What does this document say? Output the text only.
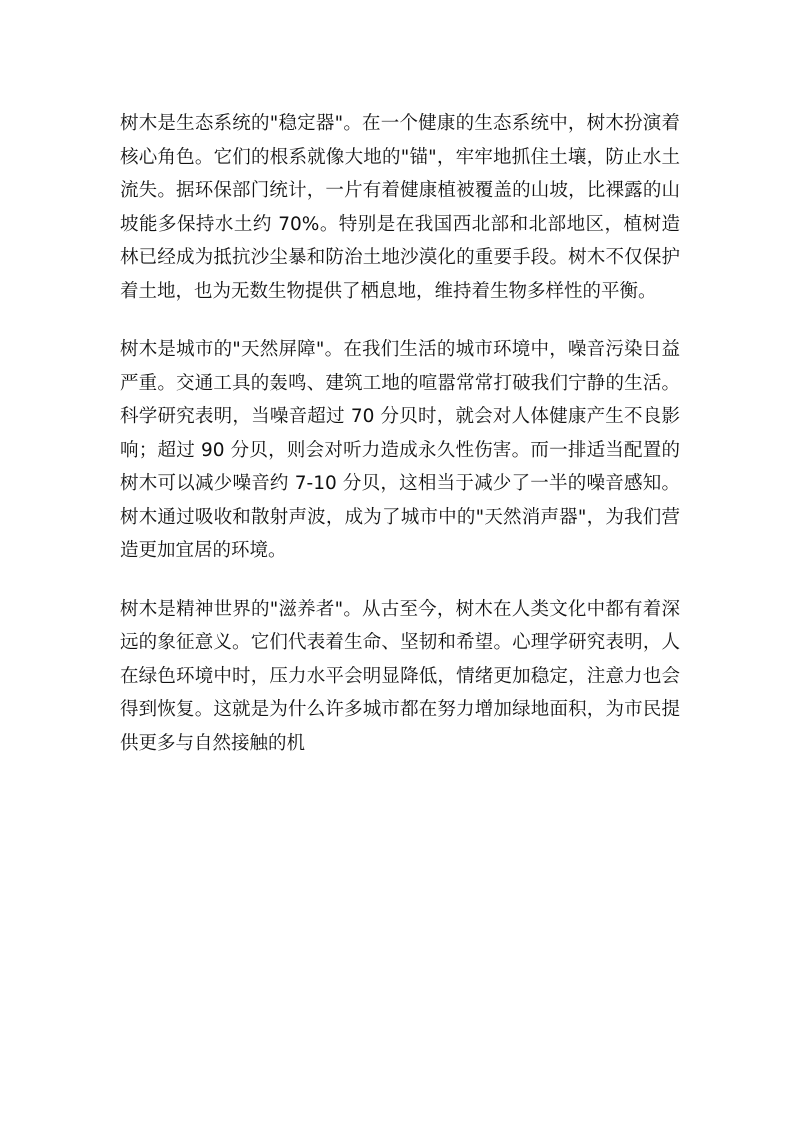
树木是生态系统的"稳定器"。在一个健康的生态系统中，树木扮演着核心角色。它们的根系就像大地的"锚"，牢牢地抓住土壤，防止水土流失。据环保部门统计，一片有着健康植被覆盖的山坡，比裸露的山坡能多保持水土约 70%。特别是在我国西北部和北部地区，植树造林已经成为抵抗沙尘暴和防治土地沙漠化的重要手段。树木不仅保护着土地，也为无数生物提供了栖息地，维持着生物多样性的平衡。

树木是城市的"天然屏障"。在我们生活的城市环境中，噪音污染日益严重。交通工具的轰鸣、建筑工地的喧嚣常常打破我们宁静的生活。科学研究表明，当噪音超过 70 分贝时，就会对人体健康产生不良影响；超过 90 分贝，则会对听力造成永久性伤害。而一排适当配置的树木可以减少噪音约 7-10 分贝，这相当于减少了一半的噪音感知。树木通过吸收和散射声波，成为了城市中的"天然消声器"，为我们营造更加宜居的环境。

树木是精神世界的"滋养者"。从古至今，树木在人类文化中都有着深远的象征意义。它们代表着生命、坚韧和希望。心理学研究表明，人在绿色环境中时，压力水平会明显降低，情绪更加稳定，注意力也会得到恢复。这就是为什么许多城市都在努力增加绿地面积，为市民提供更多与自然接触的机
